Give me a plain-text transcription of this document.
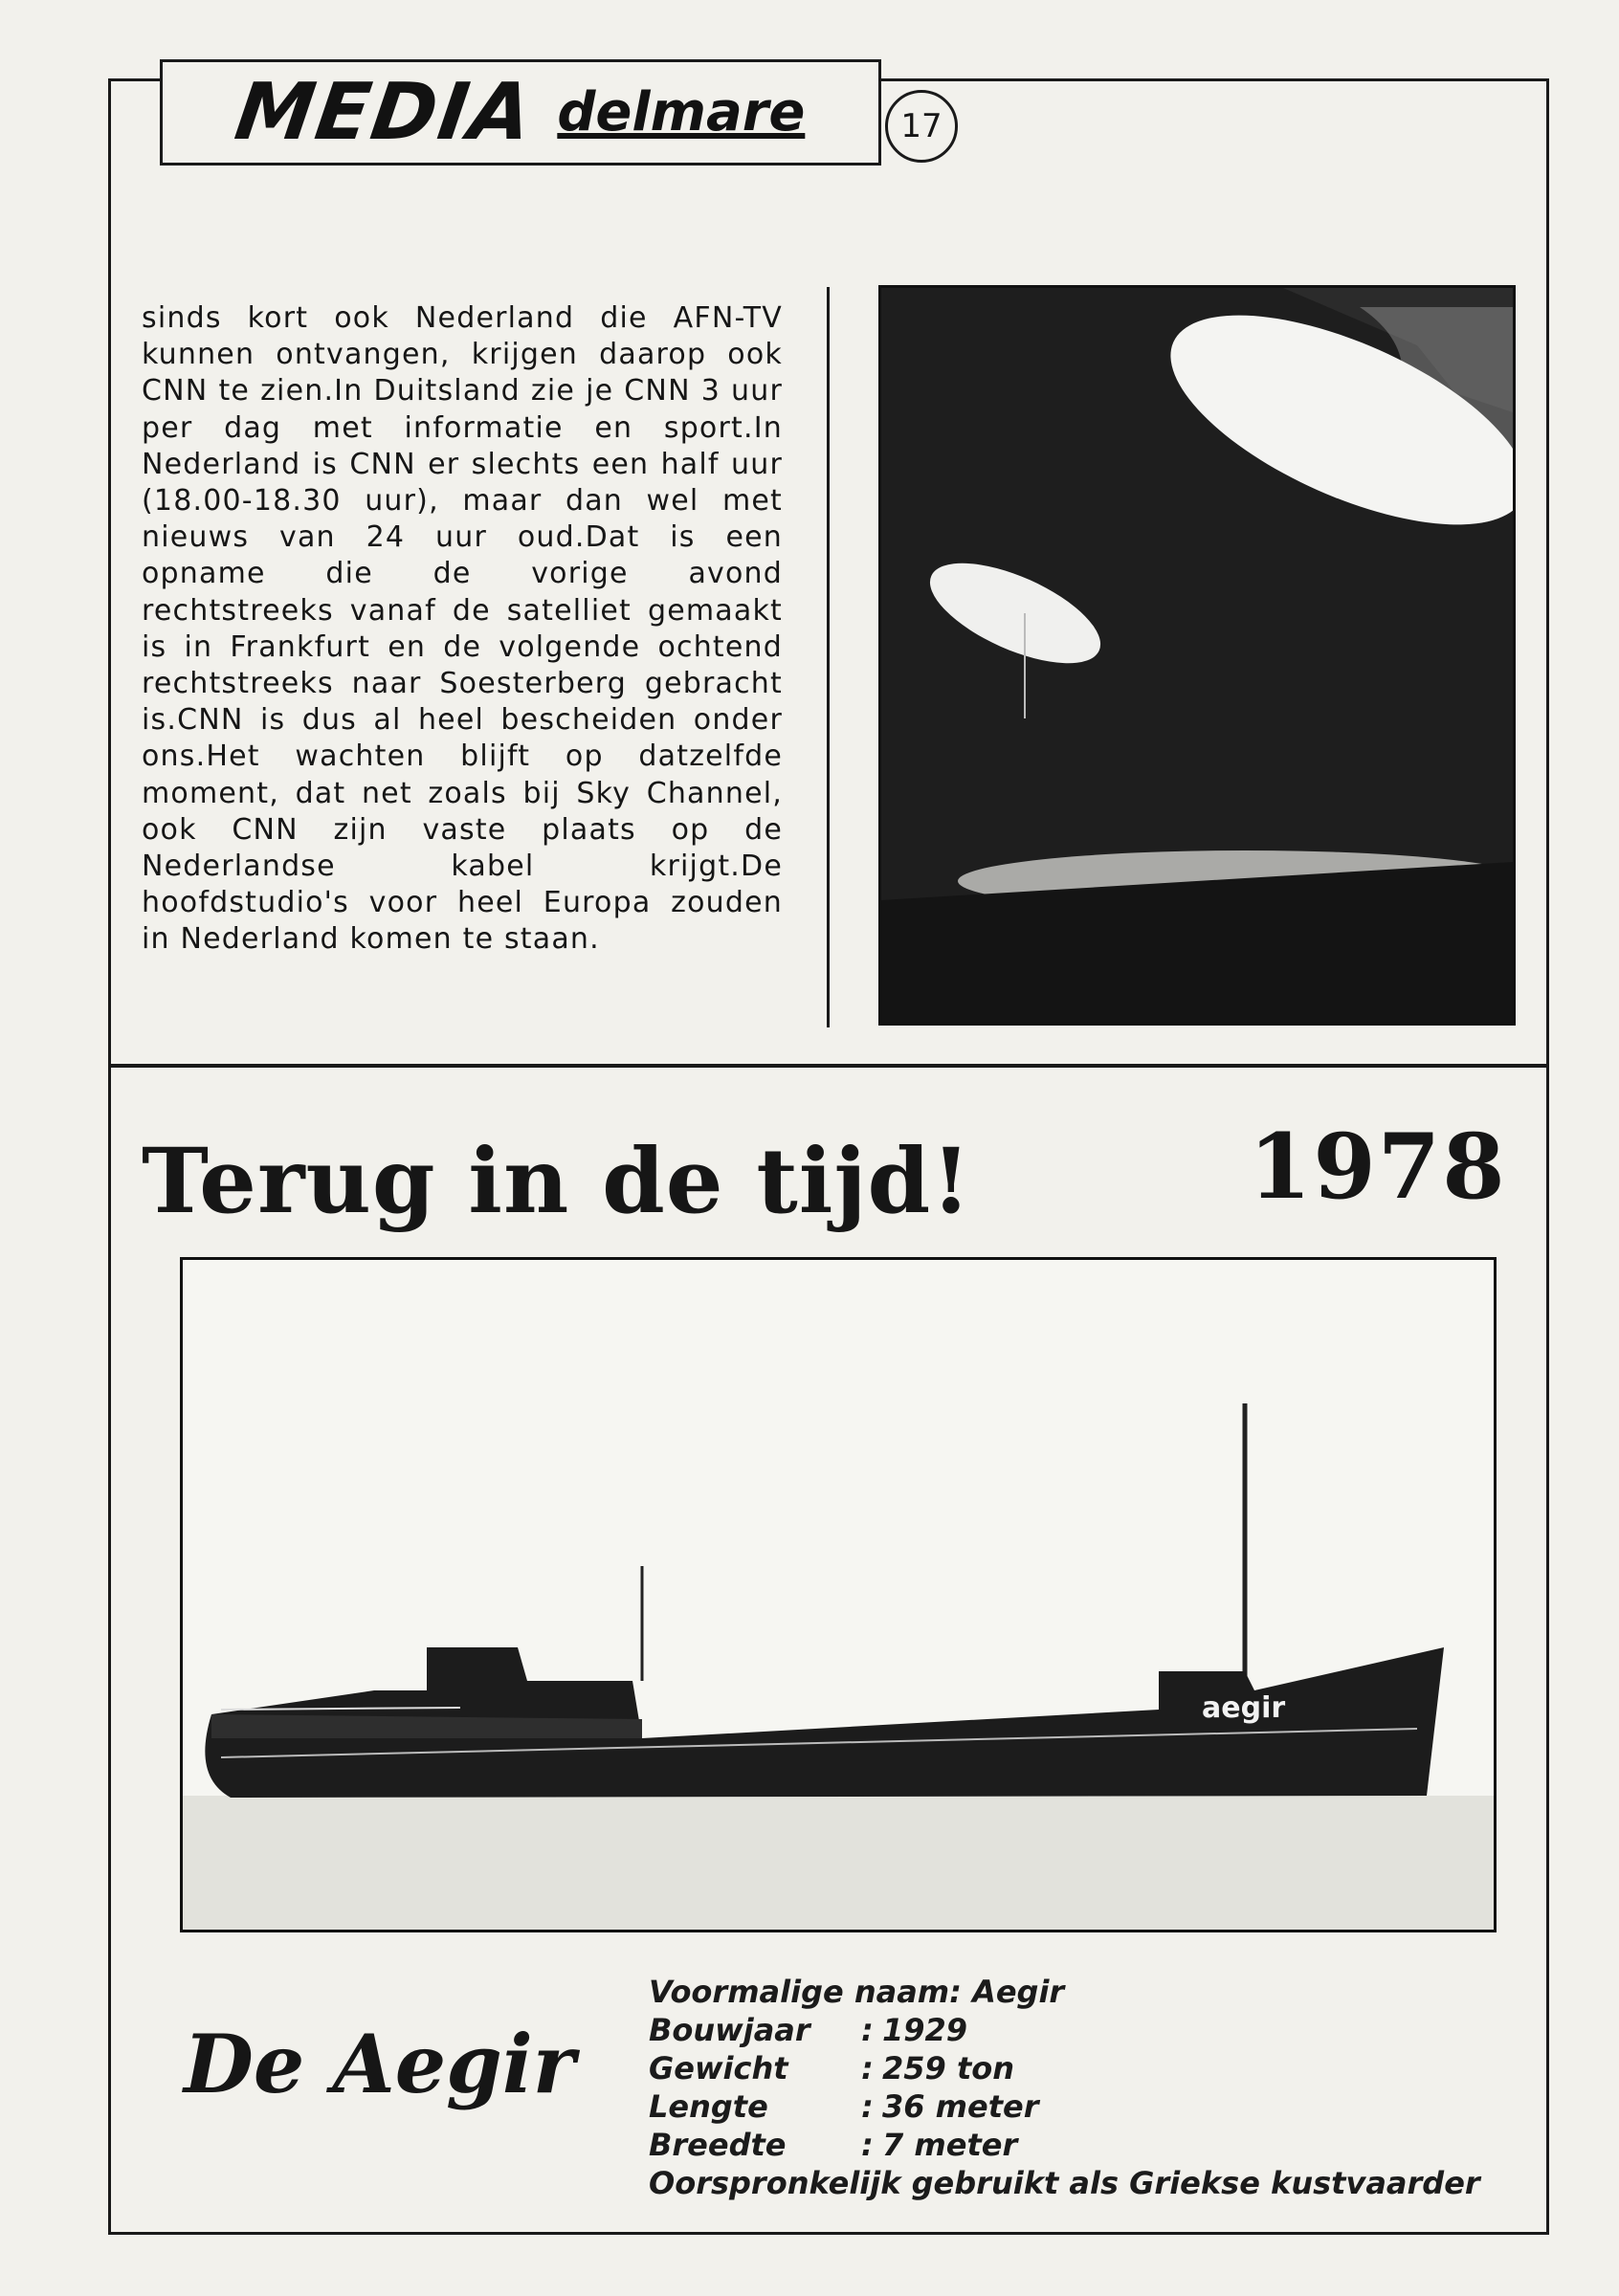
MEDIA delmare	17
sinds kort ook Nederland die AFN-TV kunnen ontvangen, krijgen daarop ook CNN te zien.In Duitsland zie je CNN 3 uur per dag met informatie en sport.In Nederland is CNN er slechts een half uur (18.00-18.30 uur), maar dan wel met nieuws van 24 uur oud.Dat is een opname die de vorige avond rechtstreeks vanaf de satelliet gemaakt is in Frankfurt en de volgende ochtend rechtstreeks naar Soesterberg gebracht is.CNN is dus al heel bescheiden onder ons.Het wachten blijft op datzelfde moment, dat net zoals bij Sky Channel, ook CNN zijn vaste plaats op de Nederlandse kabel krijgt.De hoofdstudio's voor heel Europa zouden in Nederland komen te staan.
Terug in de tijd!	1978
aegir
De Aegir
Voormalige naam:
Aegir
Bouwjaar	: 1929
Gewicht	: 259 ton
Lengte	: 36 meter
Breedte	: 7 meter
Oorspronkelijk gebruikt als Griekse kustvaarder
